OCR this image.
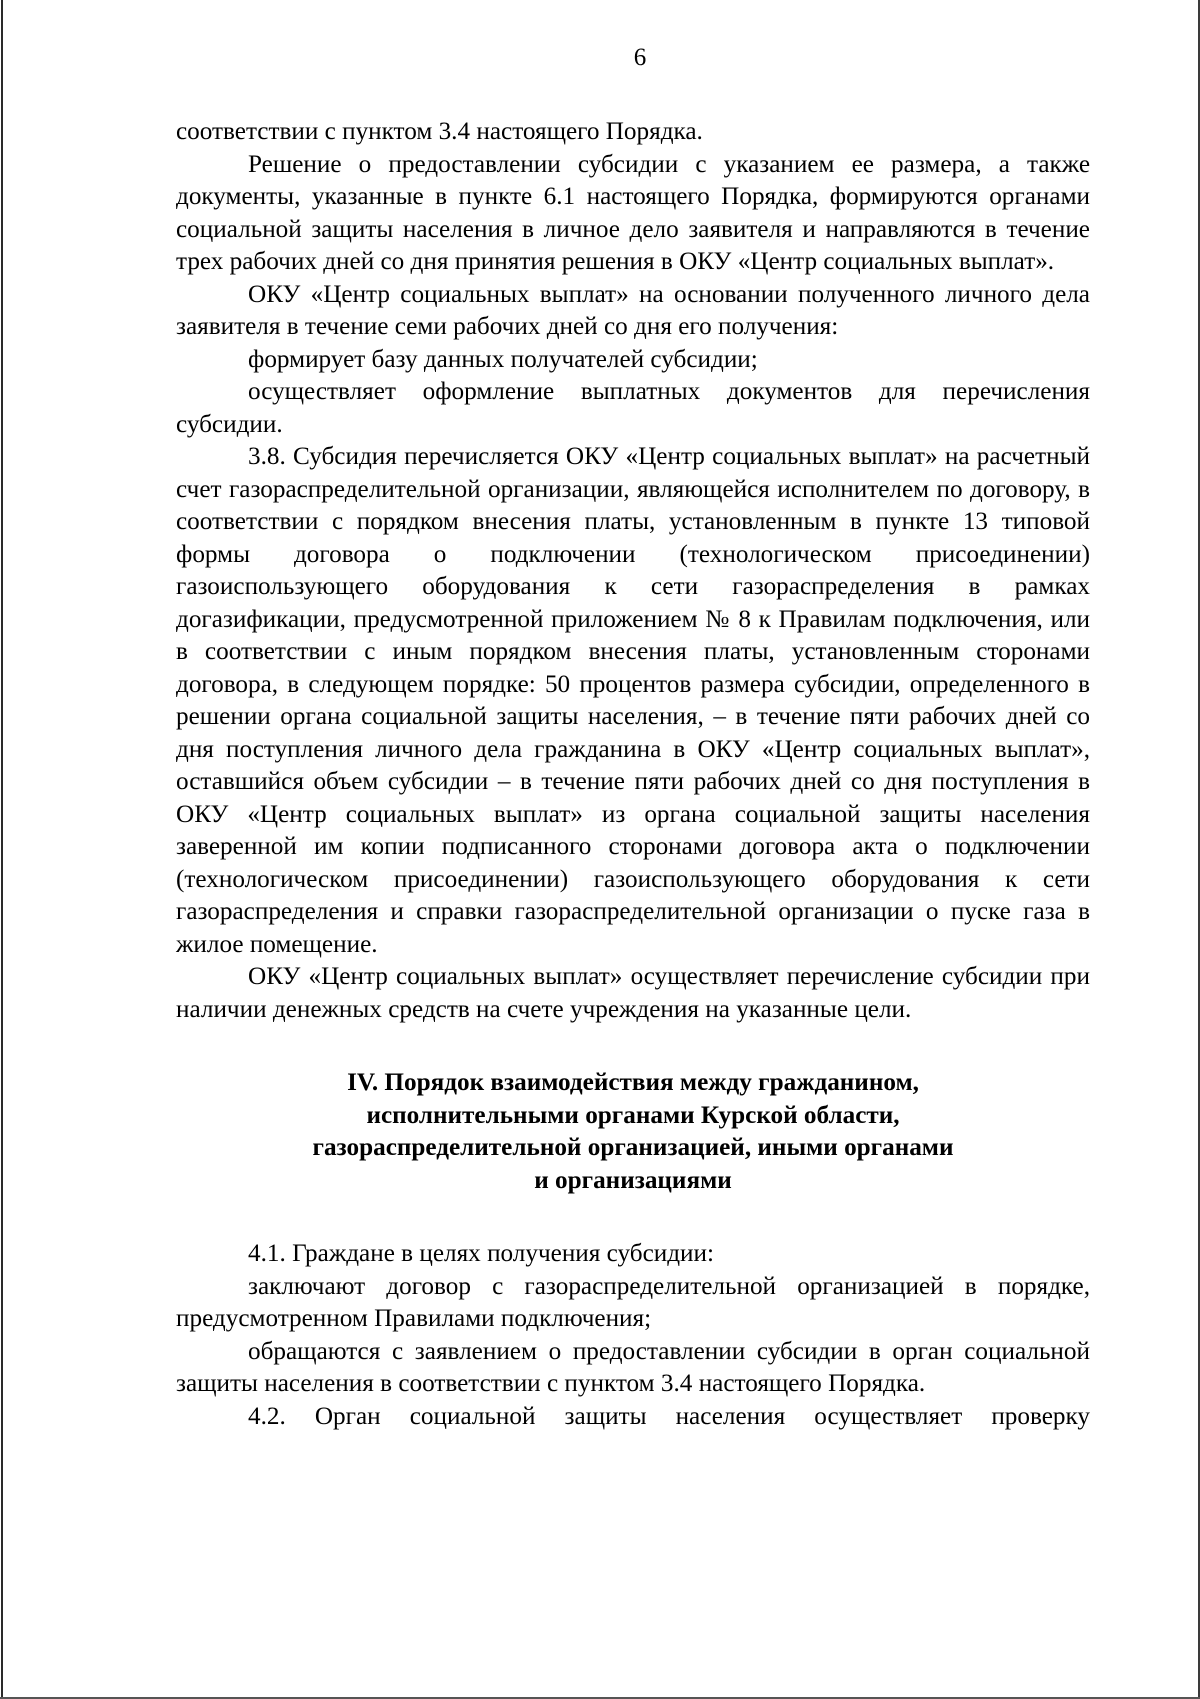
6

соответствии с пунктом 3.4 настоящего Порядка.

Решение о предоставлении субсидии с указанием ее размера, а также документы, указанные в пункте 6.1 настоящего Порядка, формируются органами социальной защиты населения в личное дело заявителя и направляются в течение трех рабочих дней со дня принятия решения в ОКУ «Центр социальных выплат».

ОКУ «Центр социальных выплат» на основании полученного личного дела заявителя в течение семи рабочих дней со дня его получения:

формирует базу данных получателей субсидии;

осуществляет оформление выплатных документов для перечисления субсидии.

3.8. Субсидия перечисляется ОКУ «Центр социальных выплат» на расчетный счет газораспределительной организации, являющейся исполнителем по договору, в соответствии с порядком внесения платы, установленным в пункте 13 типовой формы договора о подключении (технологическом присоединении) газоиспользующего оборудования к сети газораспределения в рамках догазификации, предусмотренной приложением № 8 к Правилам подключения, или в соответствии с иным порядком внесения платы, установленным сторонами договора, в следующем порядке: 50 процентов размера субсидии, определенного в решении органа социальной защиты населения, – в течение пяти рабочих дней со дня поступления личного дела гражданина в ОКУ «Центр социальных выплат», оставшийся объем субсидии – в течение пяти рабочих дней со дня поступления в ОКУ «Центр социальных выплат» из органа социальной защиты населения заверенной им копии подписанного сторонами договора акта о подключении (технологическом присоединении) газоиспользующего оборудования к сети газораспределения и справки газораспределительной организации о пуске газа в жилое помещение.

ОКУ «Центр социальных выплат» осуществляет перечисление субсидии при наличии денежных средств на счете учреждения на указанные цели.

IV. Порядок взаимодействия между гражданином,
исполнительными органами Курской области,
газораспределительной организацией, иными органами
и организациями

4.1. Граждане в целях получения субсидии:

заключают договор с газораспределительной организацией в порядке, предусмотренном Правилами подключения;

обращаются с заявлением о предоставлении субсидии в орган социальной защиты населения в соответствии с пунктом 3.4 настоящего Порядка.

4.2. Орган социальной защиты населения осуществляет проверку
